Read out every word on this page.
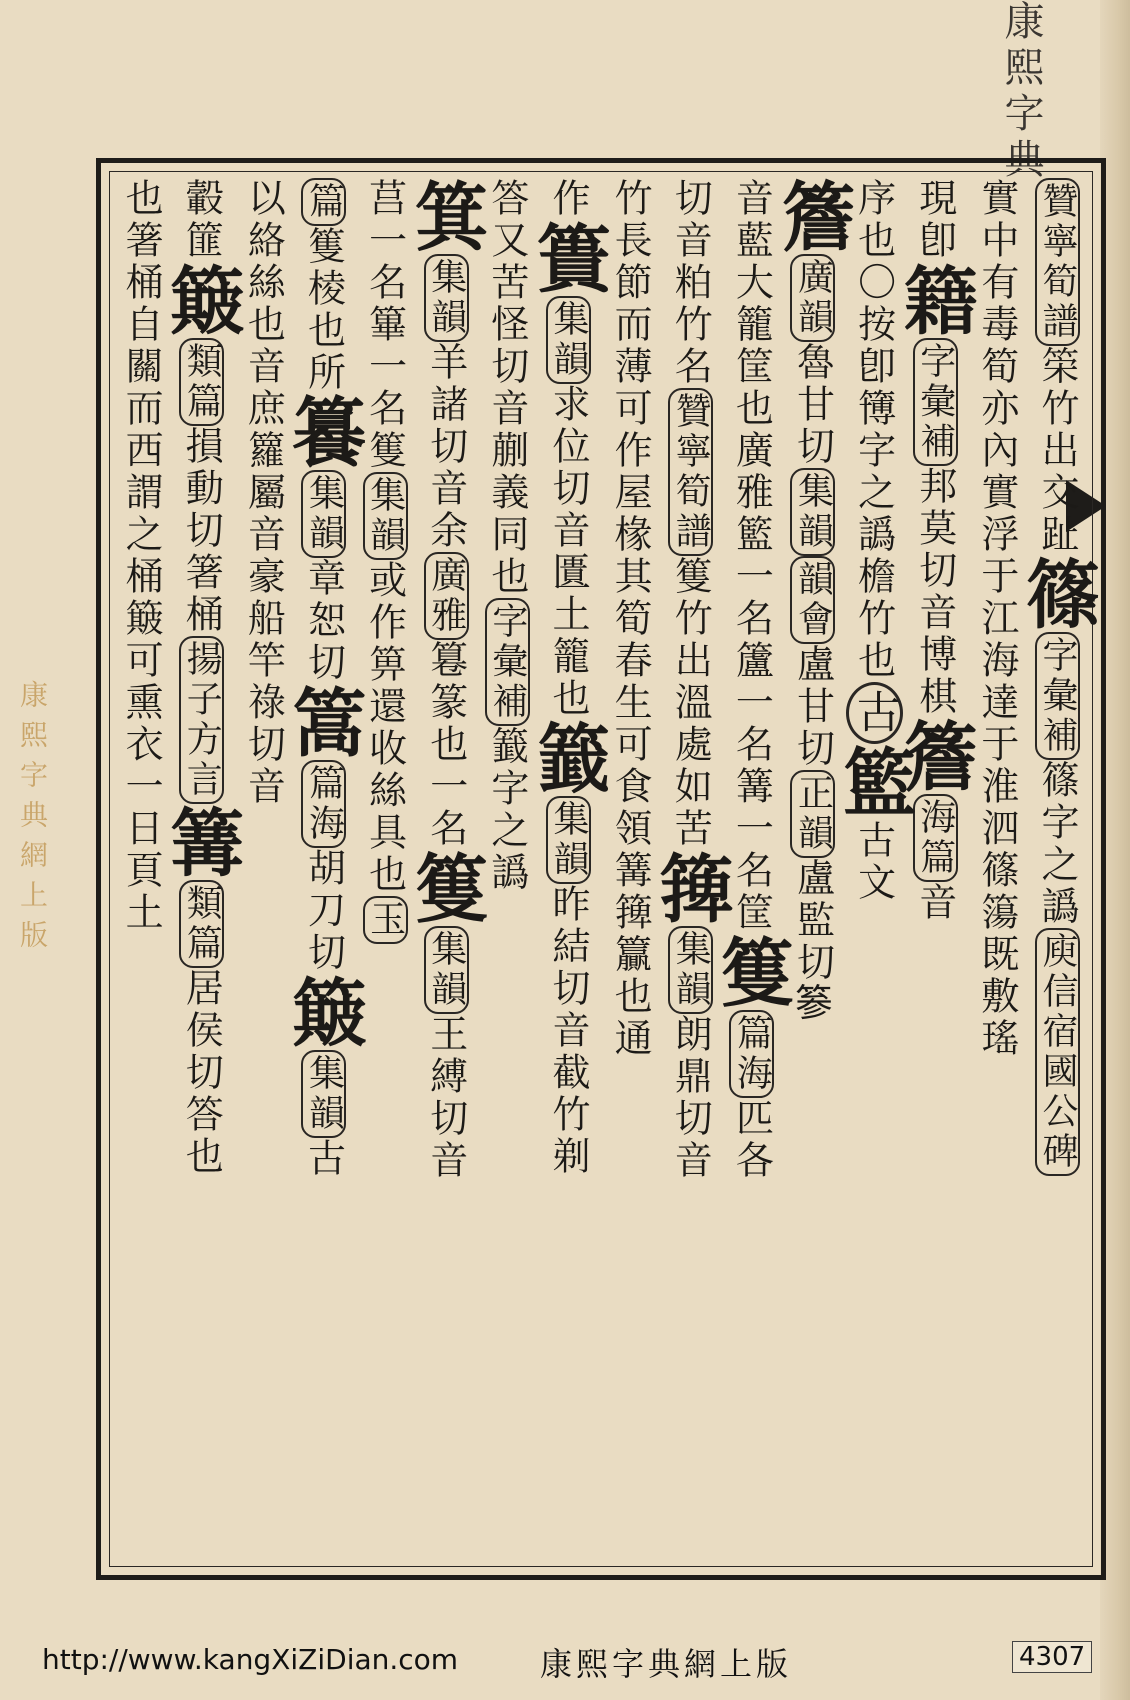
康熙字典網上版
康熙字典
贊寧筍譜筞竹出交趾篠字彙補篠字之譌庾信宿國公碑
實中有毒筍亦內實浮于江海達于淮泗篠簜既敷瑤
現卽籍字彙補邦莫切音博棋簷海篇音
序也〇按卽簙字之譌檐竹也古籃古文
簷廣韻魯甘切集韻韻會盧甘切正韻盧監切𥮾
音藍大籠筐也廣雅籃一名籚一名篝一名筐篗篇海匹各
切音粕竹名贊寧筍譜篗竹出溫處如苦篺集韻朗鼎切音
竹長節而薄可作屋椽其筍春生可食領篝篺籯也通
作簣集韻求位切音匱土籠也籖集韻昨結切音截竹剃
答又苦怪切音蒯義同也字彙補籖字之譌
箕集韻羊諸切音余廣雅篹篆也一名篗集韻王縛切音
莒一名篳一名篗集韻或作箅還收絲具也玉
篇篗棱也所籑集韻章恕切篙篇海胡刀切簸集韻古
以絡絲也音庶籮屬音豪船竿祿切音
轂篚簸類篇損動切箸桶揚子方言篝類篇居侯切答也
也箸桶自關而西謂之桶簸可熏衣一日頁土
http://www.kangXiZiDian.com	康熙字典網上版	4307
